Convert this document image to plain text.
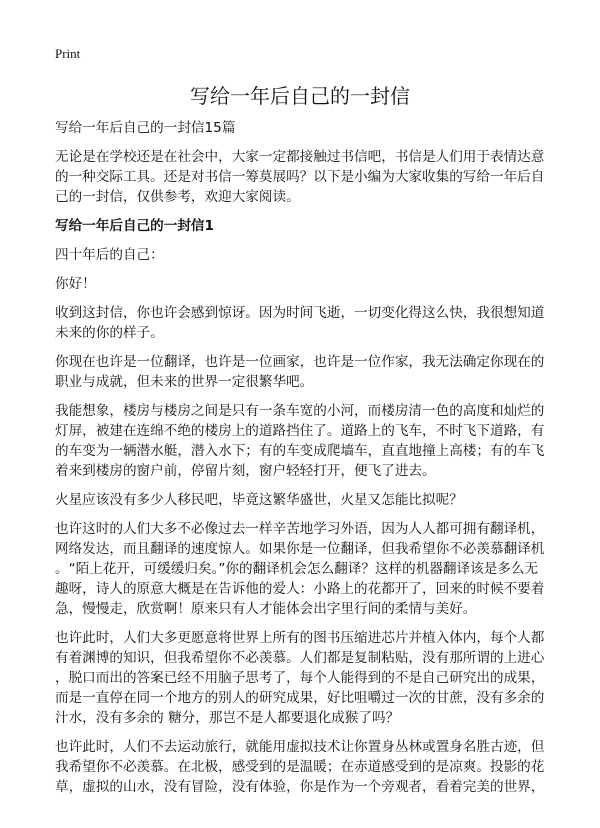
Print
写给一年后自己的一封信
写给一年后自己的一封信15篇
无论是在学校还是在社会中，大家一定都接触过书信吧，书信是人们用于表情达意
的一种交际工具。还是对书信一筹莫展吗？以下是小编为大家收集的写给一年后自
己的一封信，仅供参考，欢迎大家阅读。
写给一年后自己的一封信1
四十年后的自己：
你好！
收到这封信，你也许会感到惊讶。因为时间飞逝，一切变化得这么快，我很想知道
未来的你的样子。
你现在也许是一位翻译，也许是一位画家，也许是一位作家，我无法确定你现在的
职业与成就，但未来的世界一定很繁华吧。
我能想象，楼房与楼房之间是只有一条车宽的小河，而楼房清一色的高度和灿烂的
灯屏，被建在连绵不绝的楼房上的道路挡住了。道路上的飞车，不时飞下道路，有
的车变为一辆潜水艇，潜入水下；有的车变成爬墙车，直直地撞上高楼；有的车飞
着来到楼房的窗户前，停留片刻，窗户轻轻打开，便飞了进去。
火星应该没有多少人移民吧，毕竟这繁华盛世，火星又怎能比拟呢？
也许这时的人们大多不必像过去一样辛苦地学习外语，因为人人都可拥有翻译机，
网络发达，而且翻译的速度惊人。如果你是一位翻译，但我希望你不必羡慕翻译机
。“陌上花开，可缓缓归矣。”你的翻译机会怎么翻译？这样的机器翻译该是多么无
趣呀，诗人的原意大概是在告诉他的爱人：小路上的花都开了，回来的时候不要着
急，慢慢走，欣赏啊！原来只有人才能体会出字里行间的柔情与美好。
也许此时，人们大多更愿意将世界上所有的图书压缩进芯片并植入体内，每个人都
有着渊博的知识，但我希望你不必羡慕。人们都是复制粘贴，没有那所谓的上进心
，脱口而出的答案已经不用脑子思考了，每个人能得到的不是自己研究出的成果，
而是一直停在同一个地方的别人的研究成果，好比咀嚼过一次的甘蔗，没有多余的
汁水，没有多余的 糖分，那岂不是人都要退化成猴了吗？
也许此时，人们不去运动旅行，就能用虚拟技术让你置身丛林或置身名胜古迹，但
我希望你不必羡慕。在北极，感受到的是温暖；在赤道感受到的是凉爽。投影的花
草，虚拟的山水，没有冒险，没有体验，你是作为一个旁观者，看着完美的世界，
